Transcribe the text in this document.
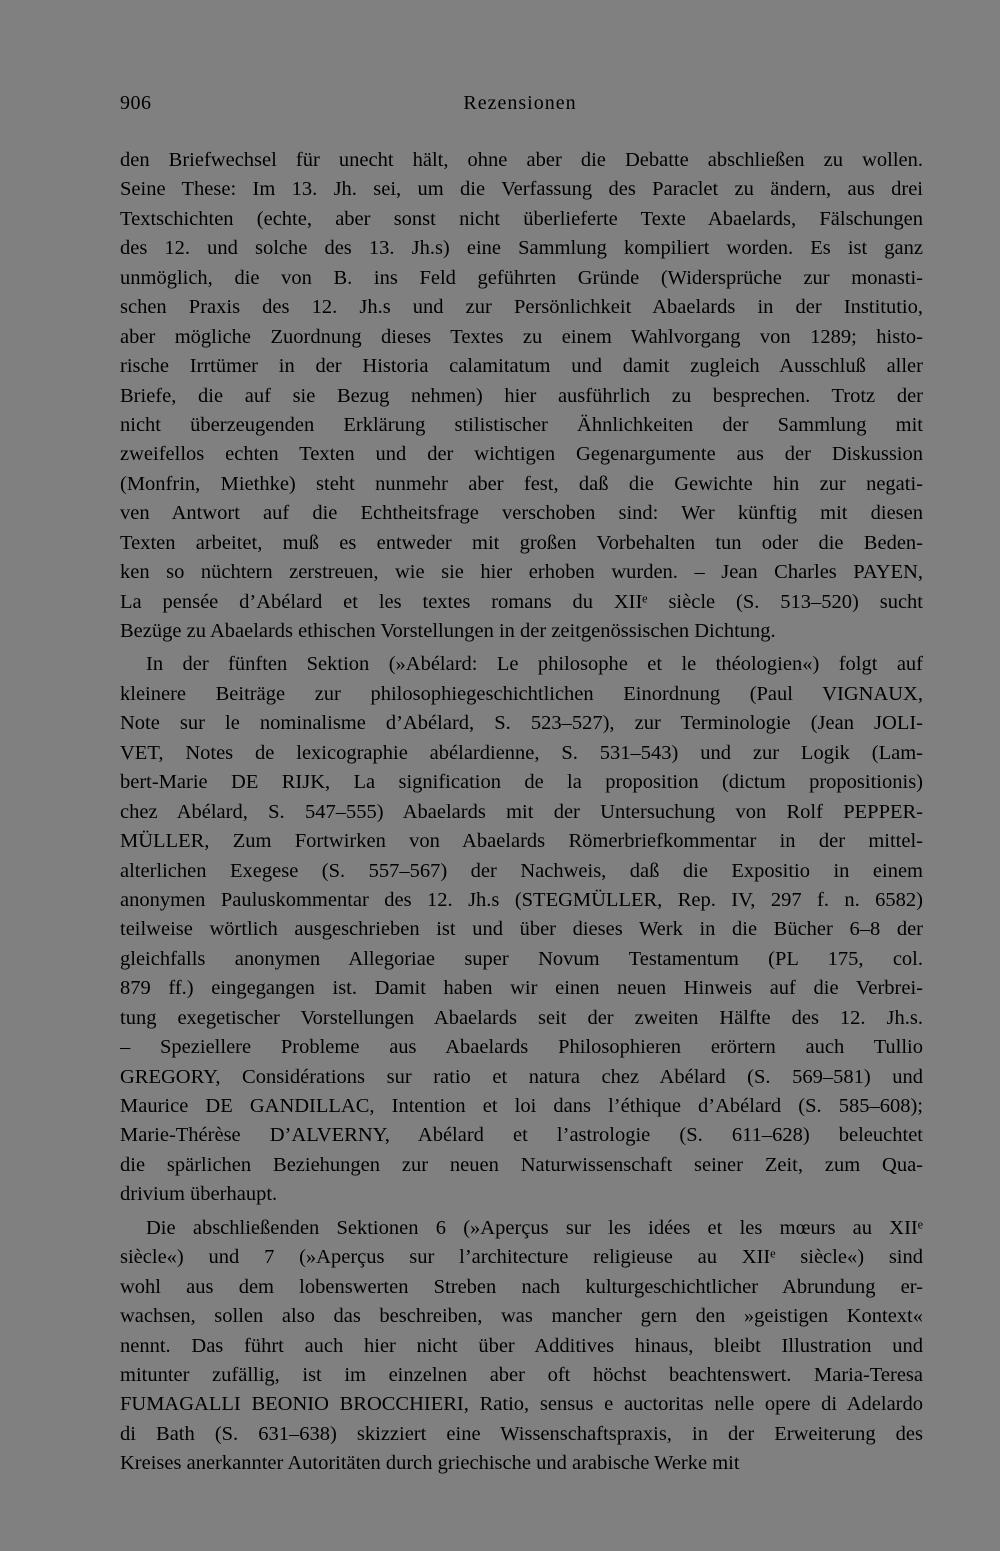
906	Rezensionen
den Briefwechsel für unecht hält, ohne aber die Debatte abschließen zu wollen.
Seine These: Im 13. Jh. sei, um die Verfassung des Paraclet zu ändern, aus drei
Textschichten (echte, aber sonst nicht überlieferte Texte Abaelards, Fälschungen
des 12. und solche des 13. Jh.s) eine Sammlung kompiliert worden. Es ist ganz
unmöglich, die von B. ins Feld geführten Gründe (Widersprüche zur monasti-
schen Praxis des 12. Jh.s und zur Persönlichkeit Abaelards in der Institutio,
aber mögliche Zuordnung dieses Textes zu einem Wahlvorgang von 1289; histo-
rische Irrtümer in der Historia calamitatum und damit zugleich Ausschluß aller
Briefe, die auf sie Bezug nehmen) hier ausführlich zu besprechen. Trotz der
nicht überzeugenden Erklärung stilistischer Ähnlichkeiten der Sammlung mit
zweifellos echten Texten und der wichtigen Gegenargumente aus der Diskussion
(Monfrin, Miethke) steht nunmehr aber fest, daß die Gewichte hin zur negati-
ven Antwort auf die Echtheitsfrage verschoben sind: Wer künftig mit diesen
Texten arbeitet, muß es entweder mit großen Vorbehalten tun oder die Beden-
ken so nüchtern zerstreuen, wie sie hier erhoben wurden. – Jean Charles PAYEN,
La pensée d’Abélard et les textes romans du XIIᵉ siècle (S. 513–520) sucht
Bezüge zu Abaelards ethischen Vorstellungen in der zeitgenössischen Dichtung.
In der fünften Sektion (»Abélard: Le philosophe et le théologien«) folgt auf
kleinere Beiträge zur philosophiegeschichtlichen Einordnung (Paul VIGNAUX,
Note sur le nominalisme d’Abélard, S. 523–527), zur Terminologie (Jean JOLI-
VET, Notes de lexicographie abélardienne, S. 531–543) und zur Logik (Lam-
bert-Marie DE RIJK, La signification de la proposition (dictum propositionis)
chez Abélard, S. 547–555) Abaelards mit der Untersuchung von Rolf PEPPER-
MÜLLER, Zum Fortwirken von Abaelards Römerbriefkommentar in der mittel-
alterlichen Exegese (S. 557–567) der Nachweis, daß die Expositio in einem
anonymen Pauluskommentar des 12. Jh.s (STEGMÜLLER, Rep. IV, 297 f. n. 6582)
teilweise wörtlich ausgeschrieben ist und über dieses Werk in die Bücher 6–8 der
gleichfalls anonymen Allegoriae super Novum Testamentum (PL 175, col.
879 ff.) eingegangen ist. Damit haben wir einen neuen Hinweis auf die Verbrei-
tung exegetischer Vorstellungen Abaelards seit der zweiten Hälfte des 12. Jh.s.
– Speziellere Probleme aus Abaelards Philosophieren erörtern auch Tullio
GREGORY, Considérations sur ratio et natura chez Abélard (S. 569–581) und
Maurice DE GANDILLAC, Intention et loi dans l’éthique d’Abélard (S. 585–608);
Marie-Thérèse D’ALVERNY, Abélard et l’astrologie (S. 611–628) beleuchtet
die spärlichen Beziehungen zur neuen Naturwissenschaft seiner Zeit, zum Qua-
drivium überhaupt.
Die abschließenden Sektionen 6 (»Aperçus sur les idées et les mœurs au XIIᵉ
siècle«) und 7 (»Aperçus sur l’architecture religieuse au XIIᵉ siècle«) sind
wohl aus dem lobenswerten Streben nach kulturgeschichtlicher Abrundung er-
wachsen, sollen also das beschreiben, was mancher gern den »geistigen Kontext«
nennt. Das führt auch hier nicht über Additives hinaus, bleibt Illustration und
mitunter zufällig, ist im einzelnen aber oft höchst beachtenswert. Maria-Teresa
FUMAGALLI BEONIO BROCCHIERI, Ratio, sensus e auctoritas nelle opere di Adelardo
di Bath (S. 631–638) skizziert eine Wissenschaftspraxis, in der Erweiterung des
Kreises anerkannter Autoritäten durch griechische und arabische Werke mit
